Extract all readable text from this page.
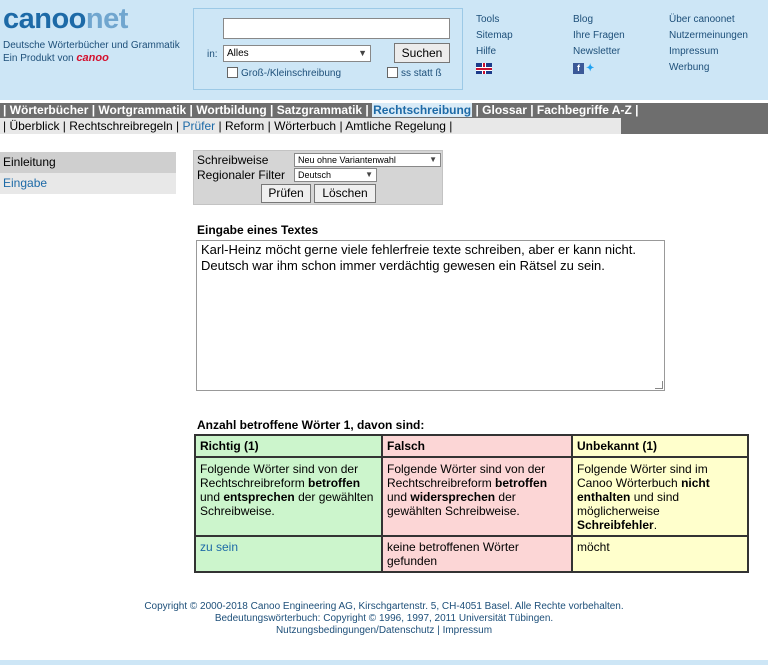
canoonet
Deutsche Wörterbücher und Grammatik
Ein Produkt von canoo	in: Alles	▼	Suchen
Groß-/Kleinschreibung	ss statt ß
Tools
Sitemap
Hilfe
Blog
Ihre Fragen
Newsletter
f ✦
Über canoonet
Nutzermeinungen
Impressum
Werbung
| Wörterbücher | Wortgrammatik | Wortbildung | Satzgrammatik | Rechtschreibung | Glossar | Fachbegriffe A-Z |
| Überblick | Rechtschreibregeln | Prüfer | Reform | Wörterbuch | Amtliche Regelung |
Einleitung
Eingabe
Schreibweise	Neu ohne Variantenwahl	▼
Regionaler Filter	Deutsch	▼
Prüfen	Löschen
Eingabe eines Textes
Karl-Heinz möcht gerne viele fehlerfreie texte schreiben, aber er kann nicht.
Deutsch war ihm schon immer verdächtig gewesen ein Rätsel zu sein.
Anzahl betroffene Wörter 1, davon sind:
Richtig (1)	Falsch	Unbekannt (1)
Folgende Wörter sind von der Rechtschreibreform betroffen und entsprechen der gewählten Schreibweise.	Folgende Wörter sind von der Rechtschreibreform betroffen und widersprechen der gewählten Schreibweise.	Folgende Wörter sind im Canoo Wörterbuch nicht enthalten und sind möglicherweise Schreibfehler.
zu sein	keine betroffenen Wörter gefunden	möcht
Copyright © 2000-2018 Canoo Engineering AG, Kirschgartenstr. 5, CH-4051 Basel. Alle Rechte vorbehalten.
Bedeutungswörterbuch: Copyright © 1996, 1997, 2011 Universität Tübingen.
Nutzungsbedingungen/Datenschutz | Impressum
